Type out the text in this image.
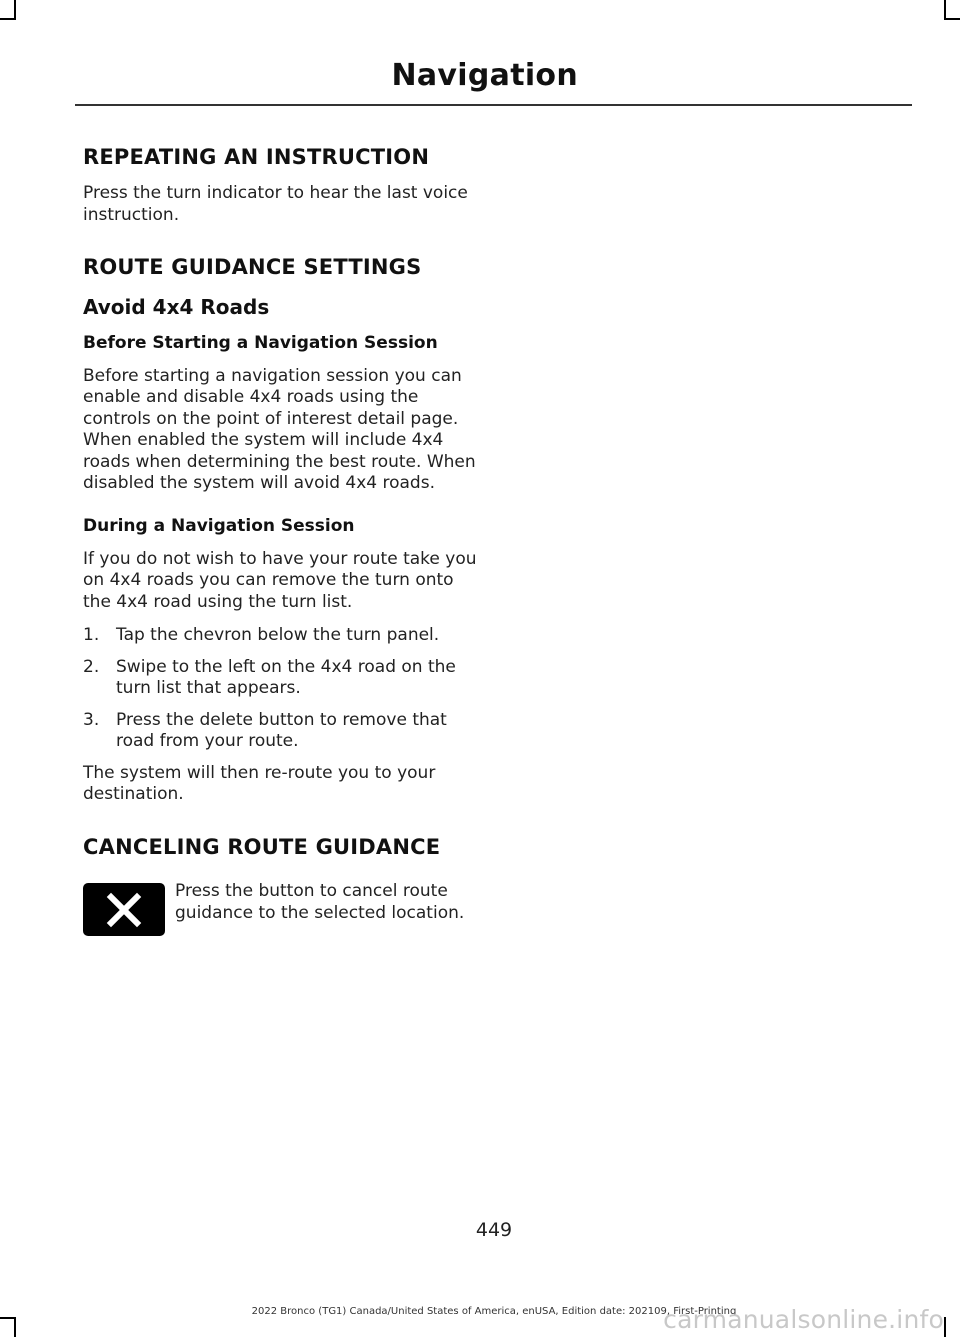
Navigation
REPEATING AN INSTRUCTION

Press the turn indicator to hear the last voice instruction.

ROUTE GUIDANCE SETTINGS
Avoid 4x4 Roads
Before Starting a Navigation Session

Before starting a navigation session you can enable and disable 4x4 roads using the controls on the point of interest detail page. When enabled the system will include 4x4 roads when determining the best route. When disabled the system will avoid 4x4 roads.

During a Navigation Session

If you do not wish to have your route take you on 4x4 roads you can remove the turn onto the 4x4 road using the turn list.

1. Tap the chevron below the turn panel.
2. Swipe to the left on the 4x4 road on the turn list that appears.
3. Press the delete button to remove that road from your route.

The system will then re-route you to your destination.

CANCELING ROUTE GUIDANCE

Press the button to cancel route guidance to the selected location.

449
2022 Bronco (TG1) Canada/United States of America, enUSA, Edition date: 202109, First-Printing
carmanualsonline.info
